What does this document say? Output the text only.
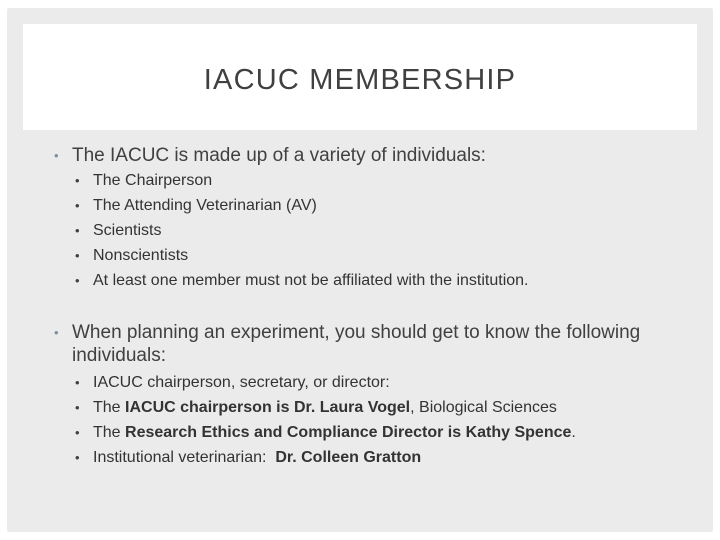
IACUC MEMBERSHIP
• The IACUC is made up of a variety of individuals:
• The Chairperson
• The Attending Veterinarian (AV)
• Scientists
• Nonscientists
• At least one member must not be affiliated with the institution.
• When planning an experiment, you should get to know the following individuals:
• IACUC chairperson, secretary, or director:
• The IACUC chairperson is Dr. Laura Vogel, Biological Sciences
• The Research Ethics and Compliance Director is Kathy Spence.
• Institutional veterinarian:  Dr. Colleen Gratton
